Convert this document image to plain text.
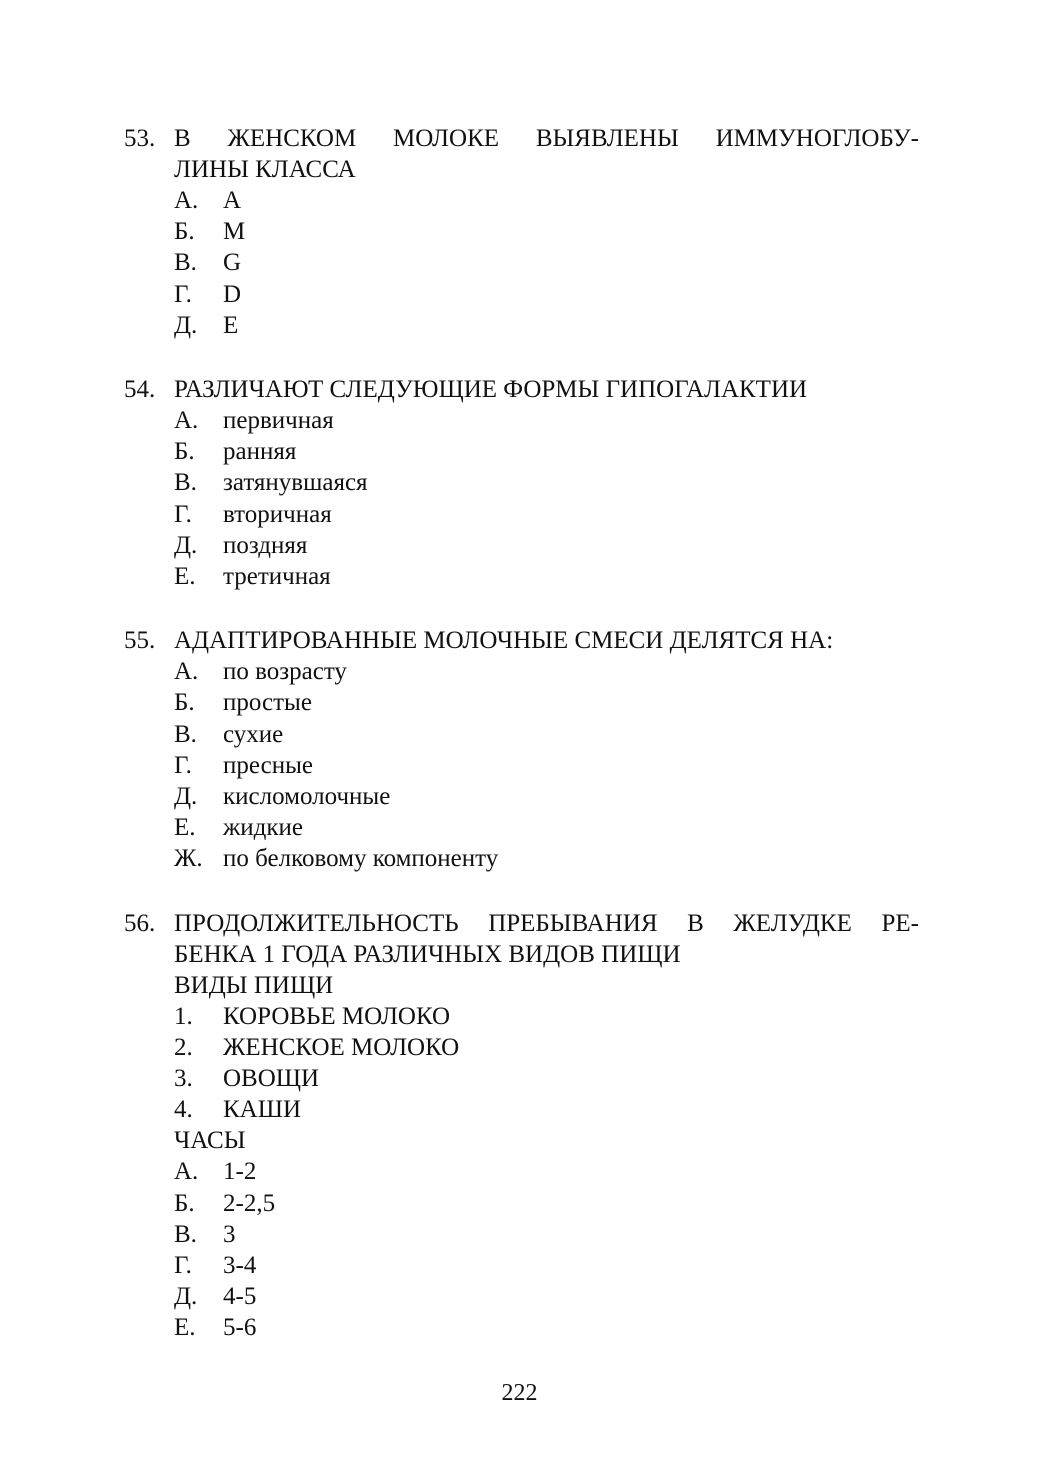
53. В ЖЕНСКОМ МОЛОКЕ ВЫЯВЛЕНЫ ИММУНОГЛОБУ-
ЛИНЫ КЛАССА
А. A
Б.	M
В.	G
Г.	D
Д.	E
54. РАЗЛИЧАЮТ СЛЕДУЮЩИЕ ФОРМЫ ГИПОГАЛАКТИИ
А. первичная
Б.	ранняя
В.	затянувшаяся
Г.	вторичная
Д.	поздняя
Е.	третичная
55. АДАПТИРОВАННЫЕ МОЛОЧНЫЕ СМЕСИ ДЕЛЯТСЯ НА:
А. по возрасту
Б.	простые
В.	сухие
Г.	пресные
Д.	кисломолочные
Е.	жидкие
Ж. по белковому компоненту
56. ПРОДОЛЖИТЕЛЬНОСТЬ ПРЕБЫВАНИЯ В ЖЕЛУДКЕ РЕ-
БЕНКА 1 ГОДА РАЗЛИЧНЫХ ВИДОВ ПИЩИ
ВИДЫ ПИЩИ
1.	КОРОВЬЕ МОЛОКО
2.	ЖЕНСКОЕ МОЛОКО
3.	ОВОЩИ
4.	КАШИ
ЧАСЫ
А. 1-2
Б.	2-2,5
В.	3
Г.	3-4
Д.	4-5
Е.	5-6
222
